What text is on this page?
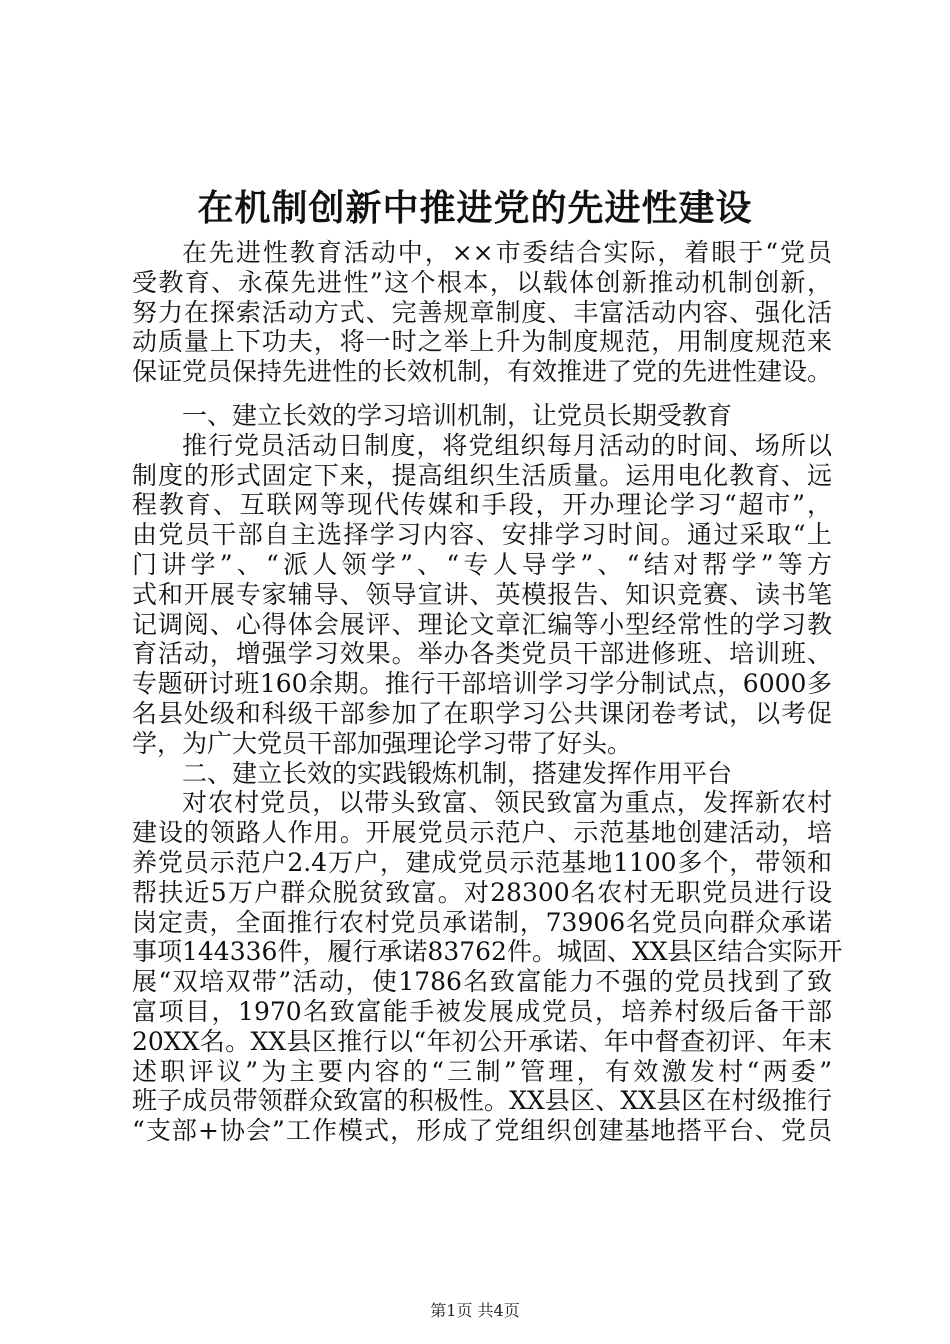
在机制创新中推进党的先进性建设
在先进性教育活动中，××市委结合实际，着眼于“党员
受教育、永葆先进性”这个根本，以载体创新推动机制创新，
努力在探索活动方式、完善规章制度、丰富活动内容、强化活
动质量上下功夫，将一时之举上升为制度规范，用制度规范来
保证党员保持先进性的长效机制，有效推进了党的先进性建设。
一、建立长效的学习培训机制，让党员长期受教育
推行党员活动日制度，将党组织每月活动的时间、场所以
制度的形式固定下来，提高组织生活质量。运用电化教育、远
程教育、互联网等现代传媒和手段，开办理论学习“超市”，
由党员干部自主选择学习内容、安排学习时间。通过采取“上
门讲学”、“派人领学”、“专人导学”、“结对帮学”等方
式和开展专家辅导、领导宣讲、英模报告、知识竞赛、读书笔
记调阅、心得体会展评、理论文章汇编等小型经常性的学习教
育活动，增强学习效果。举办各类党员干部进修班、培训班、
专题研讨班160余期。推行干部培训学习学分制试点，6000多
名县处级和科级干部参加了在职学习公共课闭卷考试，以考促
学，为广大党员干部加强理论学习带了好头。
二、建立长效的实践锻炼机制，搭建发挥作用平台
对农村党员，以带头致富、领民致富为重点，发挥新农村
建设的领路人作用。开展党员示范户、示范基地创建活动，培
养党员示范户2.4万户，建成党员示范基地1100多个，带领和
帮扶近5万户群众脱贫致富。对28300名农村无职党员进行设
岗定责，全面推行农村党员承诺制，73906名党员向群众承诺
事项144336件，履行承诺83762件。城固、XX县区结合实际开
展“双培双带”活动，使1786名致富能力不强的党员找到了致
富项目，1970名致富能手被发展成党员，培养村级后备干部
20XX名。XX县区推行以“年初公开承诺、年中督查初评、年末
述职评议”为主要内容的“三制”管理，有效激发村“两委”
第1页 共4页
班子成员带领群众致富的积极性。XX县区、XX县区在村级推行
“支部+协会”工作模式，形成了党组织创建基地搭平台、党员
